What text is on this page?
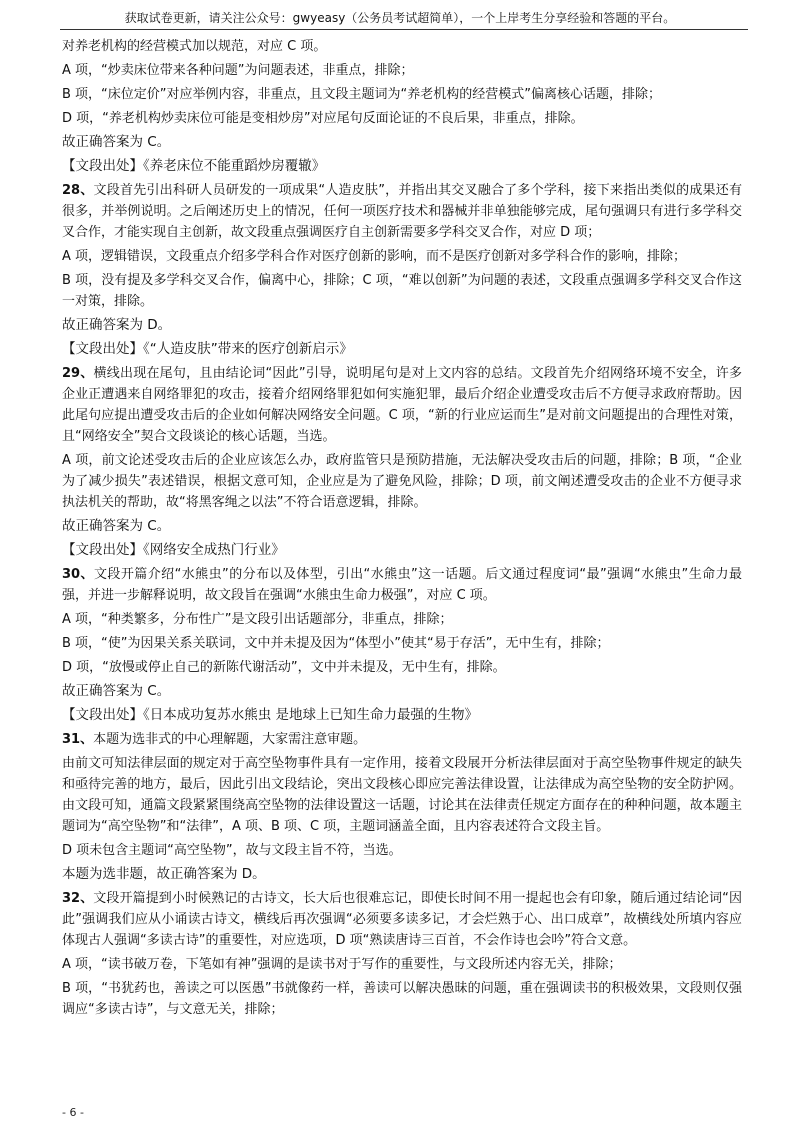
获取试卷更新，请关注公众号：gwyeasy（公务员考试超简单），一个上岸考生分享经验和答题的平台。

对养老机构的经营模式加以规范，对应 C 项。

A 项，“炒卖床位带来各种问题”为问题表述，非重点，排除；

B 项，“床位定价”对应举例内容，非重点，且文段主题词为“养老机构的经营模式”偏离核心话题，排除；

D 项，“养老机构炒卖床位可能是变相炒房”对应尾句反面论证的不良后果，非重点，排除。

故正确答案为 C。

【文段出处】《养老床位不能重蹈炒房覆辙》

28、文段首先引出科研人员研发的一项成果“人造皮肤”，并指出其交叉融合了多个学科，接下来指出类似的成果还有很多，并举例说明。之后阐述历史上的情况，任何一项医疗技术和器械并非单独能够完成，尾句强调只有进行多学科交叉合作，才能实现自主创新，故文段重点强调医疗自主创新需要多学科交叉合作，对应 D 项；

A 项，逻辑错误，文段重点介绍多学科合作对医疗创新的影响，而不是医疗创新对多学科合作的影响，排除；

B 项，没有提及多学科交叉合作，偏离中心，排除；C 项，“难以创新”为问题的表述，文段重点强调多学科交叉合作这一对策，排除。

故正确答案为 D。

【文段出处】《“人造皮肤”带来的医疗创新启示》

29、横线出现在尾句，且由结论词“因此”引导，说明尾句是对上文内容的总结。文段首先介绍网络环境不安全，许多企业正遭遇来自网络罪犯的攻击，接着介绍网络罪犯如何实施犯罪，最后介绍企业遭受攻击后不方便寻求政府帮助。因此尾句应提出遭受攻击后的企业如何解决网络安全问题。C 项，“新的行业应运而生”是对前文问题提出的合理性对策，且“网络安全”契合文段谈论的核心话题，当选。

A 项，前文论述受攻击后的企业应该怎么办，政府监管只是预防措施，无法解决受攻击后的问题，排除；B 项，“企业为了减少损失”表述错误，根据文意可知，企业应是为了避免风险，排除；D 项，前文阐述遭受攻击的企业不方便寻求执法机关的帮助，故“将黑客绳之以法”不符合语意逻辑，排除。

故正确答案为 C。

【文段出处】《网络安全成热门行业》

30、文段开篇介绍“水熊虫”的分布以及体型，引出“水熊虫”这一话题。后文通过程度词“最”强调“水熊虫”生命力最强，并进一步解释说明，故文段旨在强调“水熊虫生命力极强”，对应 C 项。

A 项，“种类繁多，分布性广”是文段引出话题部分，非重点，排除；

B 项，“使”为因果关系关联词，文中并未提及因为“体型小”使其“易于存活”，无中生有，排除；

D 项，“放慢或停止自己的新陈代谢活动”，文中并未提及，无中生有，排除。

故正确答案为 C。

【文段出处】《日本成功复苏水熊虫 是地球上已知生命力最强的生物》

31、本题为选非式的中心理解题，大家需注意审题。

由前文可知法律层面的规定对于高空坠物事件具有一定作用，接着文段展开分析法律层面对于高空坠物事件规定的缺失和亟待完善的地方，最后，因此引出文段结论，突出文段核心即应完善法律设置，让法律成为高空坠物的安全防护网。由文段可知，通篇文段紧紧围绕高空坠物的法律设置这一话题，讨论其在法律责任规定方面存在的种种问题，故本题主题词为“高空坠物”和“法律”，A 项、B 项、C 项，主题词涵盖全面，且内容表述符合文段主旨。

D 项未包含主题词“高空坠物”，故与文段主旨不符，当选。

本题为选非题，故正确答案为 D。

32、文段开篇提到小时候熟记的古诗文，长大后也很难忘记，即使长时间不用一提起也会有印象，随后通过结论词“因此”强调我们应从小诵读古诗文，横线后再次强调“必须要多读多记，才会烂熟于心、出口成章”，故横线处所填内容应体现古人强调“多读古诗”的重要性，对应选项，D 项“熟读唐诗三百首，不会作诗也会吟”符合文意。

A 项，“读书破万卷，下笔如有神”强调的是读书对于写作的重要性，与文段所述内容无关，排除；

B 项，“书犹药也，善读之可以医愚”书就像药一样，善读可以解决愚昧的问题，重在强调读书的积极效果，文段则仅强调应“多读古诗”，与文意无关，排除；

- 6 -
